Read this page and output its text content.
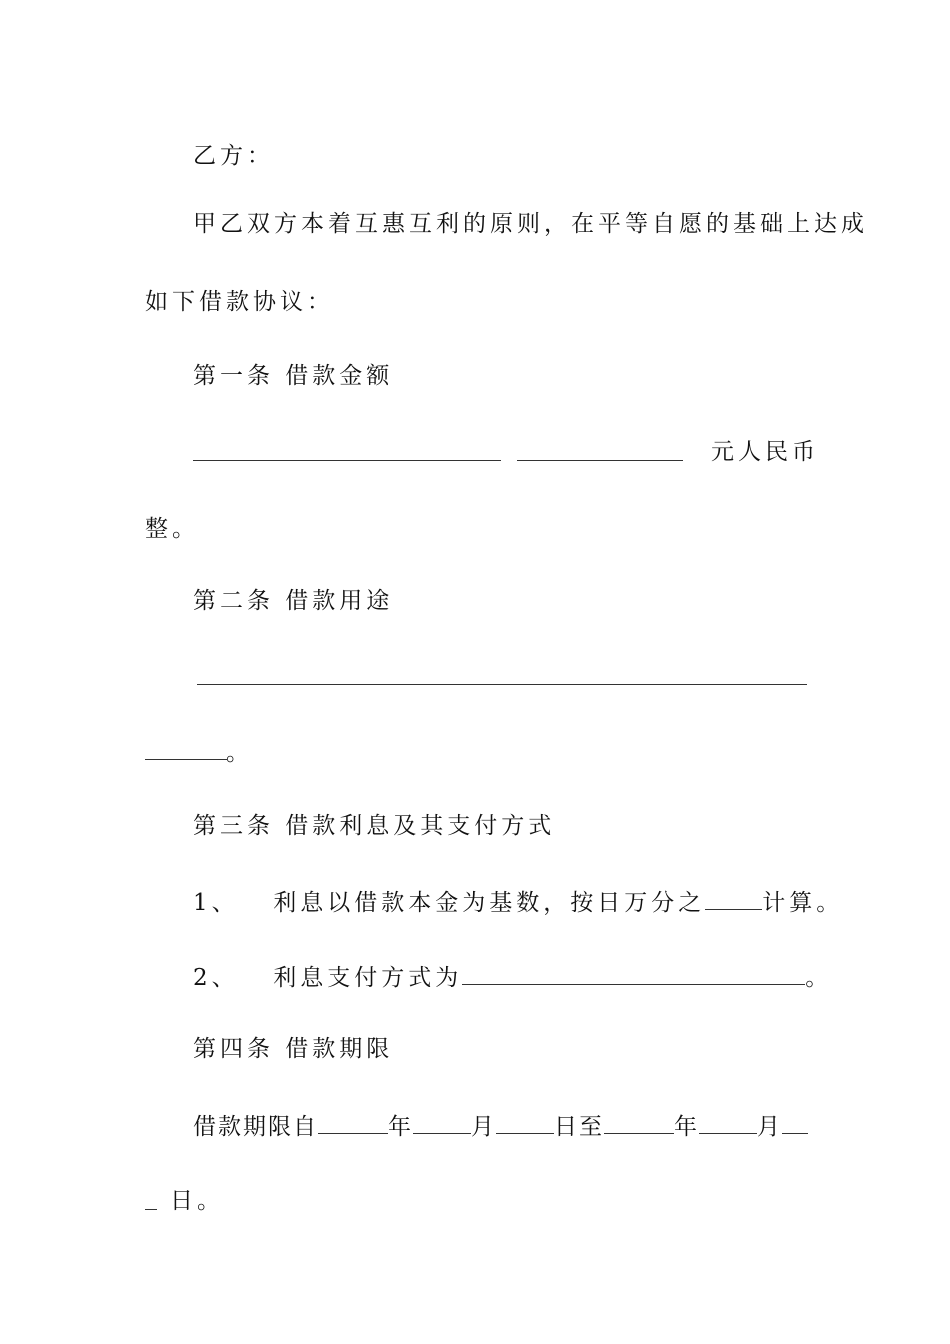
乙方：
甲乙双方本着互惠互利的原则，在平等自愿的基础上达成
如下借款协议：
第一条 借款金额
元人民币
整。
第二条 借款用途
。
第三条 借款利息及其支付方式
1、 利息以借款本金为基数，按日万分之 计算。
2、 利息支付方式为	。
第四条 借款期限
借款期限自	年	月	日至	年	月
日。
